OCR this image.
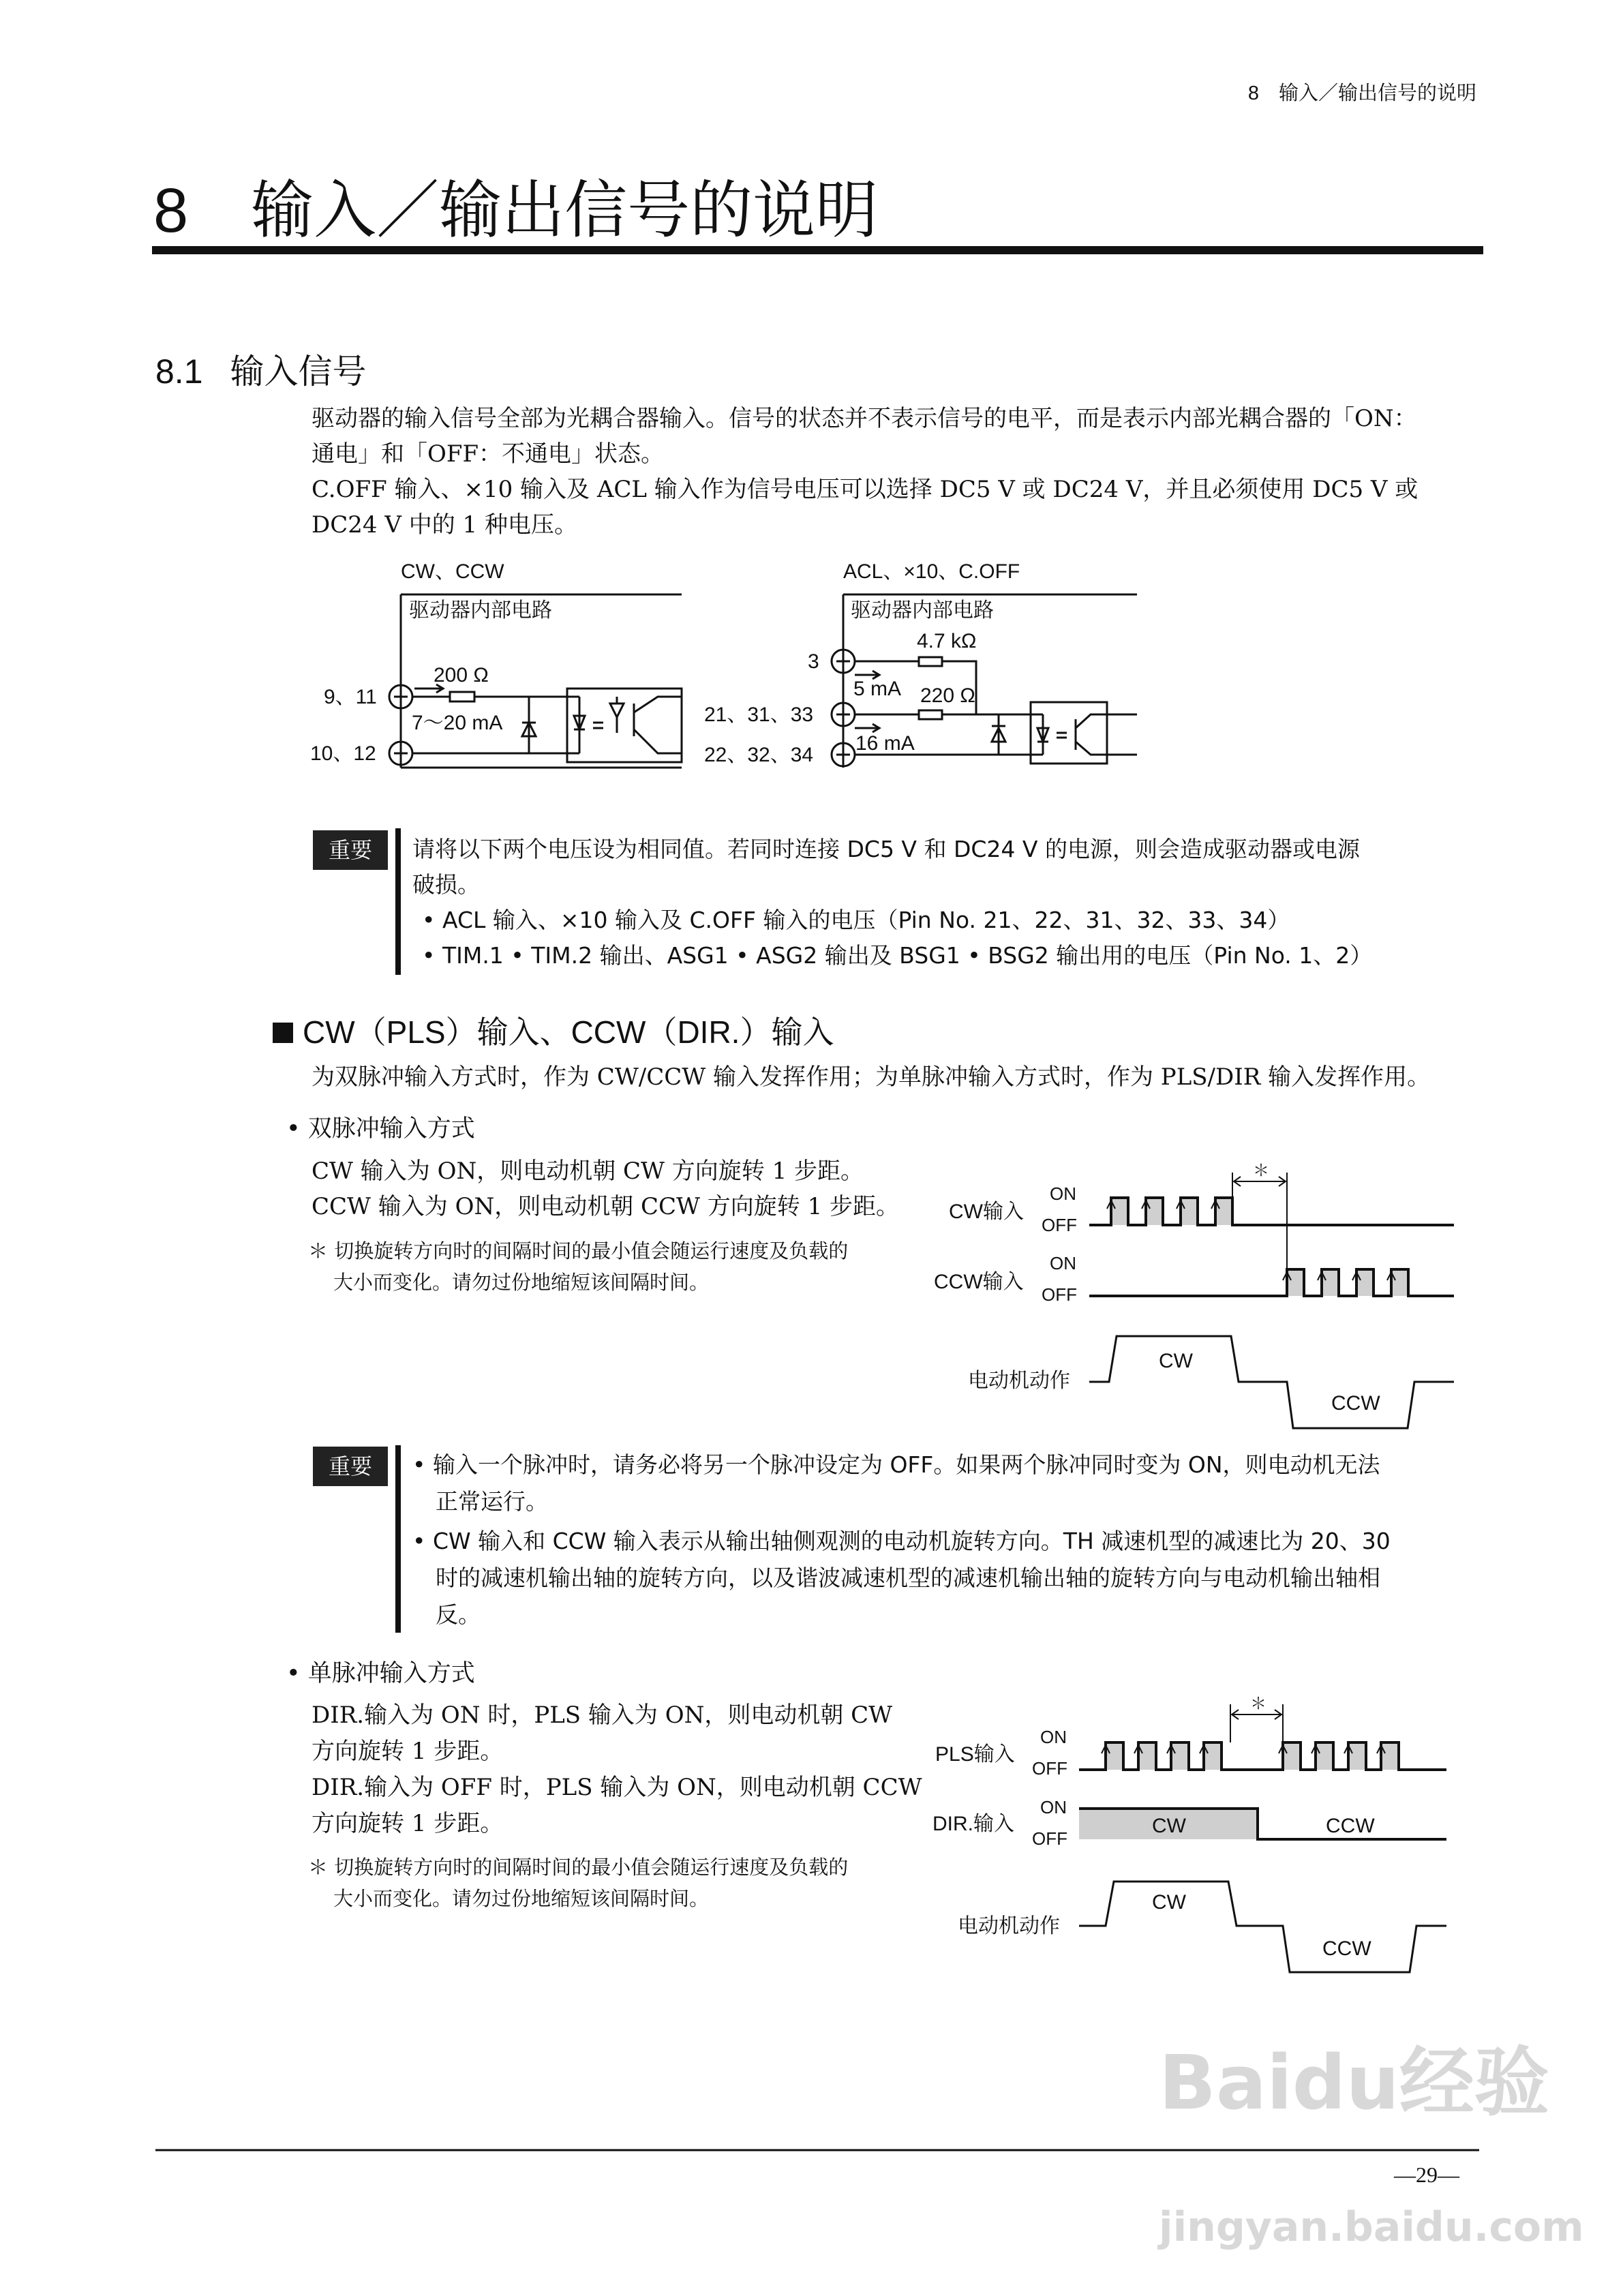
8　输入／输出信号的说明
8　输入／输出信号的说明
8.1 输入信号
驱动器的输入信号全部为光耦合器输入。信号的状态并不表示信号的电平，而是表示内部光耦合器的「ON：
通电」和「OFF：不通电」状态。
C.OFF 输入、×10 输入及 ACL 输入作为信号电压可以选择 DC5 V 或 DC24 V，并且必须使用 DC5 V 或
DC24 V 中的 1 种电压。
CW、CCW
驱动器内部电路
9、11
10、12
200 Ω
7～20 mA
ACL、×10、C.OFF
驱动器内部电路
3
21、31、33
22、32、34
4.7 kΩ
220 Ω
5 mA
16 mA
CW输入
CCW输入
电动机动作
ON
OFF
ON
OFF
＊
CW
CCW
PLS输入
DIR.输入
电动机动作
ON
OFF
ON
OFF
＊
CW	CCW
CW
CCW
重要	请将以下两个电压设为相同值。若同时连接 DC5 V 和 DC24 V 的电源，则会造成驱动器或电源
破损。
• ACL 输入、×10 输入及 C.OFF 输入的电压（Pin No. 21、22、31、32、33、34）
• TIM.1 • TIM.2 输出、ASG1 • ASG2 输出及 BSG1 • BSG2 输出用的电压（Pin No. 1、2）
CW（PLS）输入、CCW（DIR.）输入
为双脉冲输入方式时，作为 CW/CCW 输入发挥作用；为单脉冲输入方式时，作为 PLS/DIR 输入发挥作用。
• 双脉冲输入方式
CW 输入为 ON，则电动机朝 CW 方向旋转 1 步距。
CCW 输入为 ON，则电动机朝 CCW 方向旋转 1 步距。
＊ 切换旋转方向时的间隔时间的最小值会随运行速度及负载的
大小而变化。请勿过份地缩短该间隔时间。
重要	• 输入一个脉冲时，请务必将另一个脉冲设定为 OFF。如果两个脉冲同时变为 ON，则电动机无法
正常运行。
• CW 输入和 CCW 输入表示从输出轴侧观测的电动机旋转方向。TH 减速机型的减速比为 20、30
时的减速机输出轴的旋转方向，以及谐波减速机型的减速机输出轴的旋转方向与电动机输出轴相
反。
• 单脉冲输入方式
DIR.输入为 ON 时，PLS 输入为 ON，则电动机朝 CW
方向旋转 1 步距。
DIR.输入为 OFF 时，PLS 输入为 ON，则电动机朝 CCW
方向旋转 1 步距。
＊ 切换旋转方向时的间隔时间的最小值会随运行速度及负载的
大小而变化。请勿过份地缩短该间隔时间。
Baidu经验
—29—
jingyan.baidu.com
